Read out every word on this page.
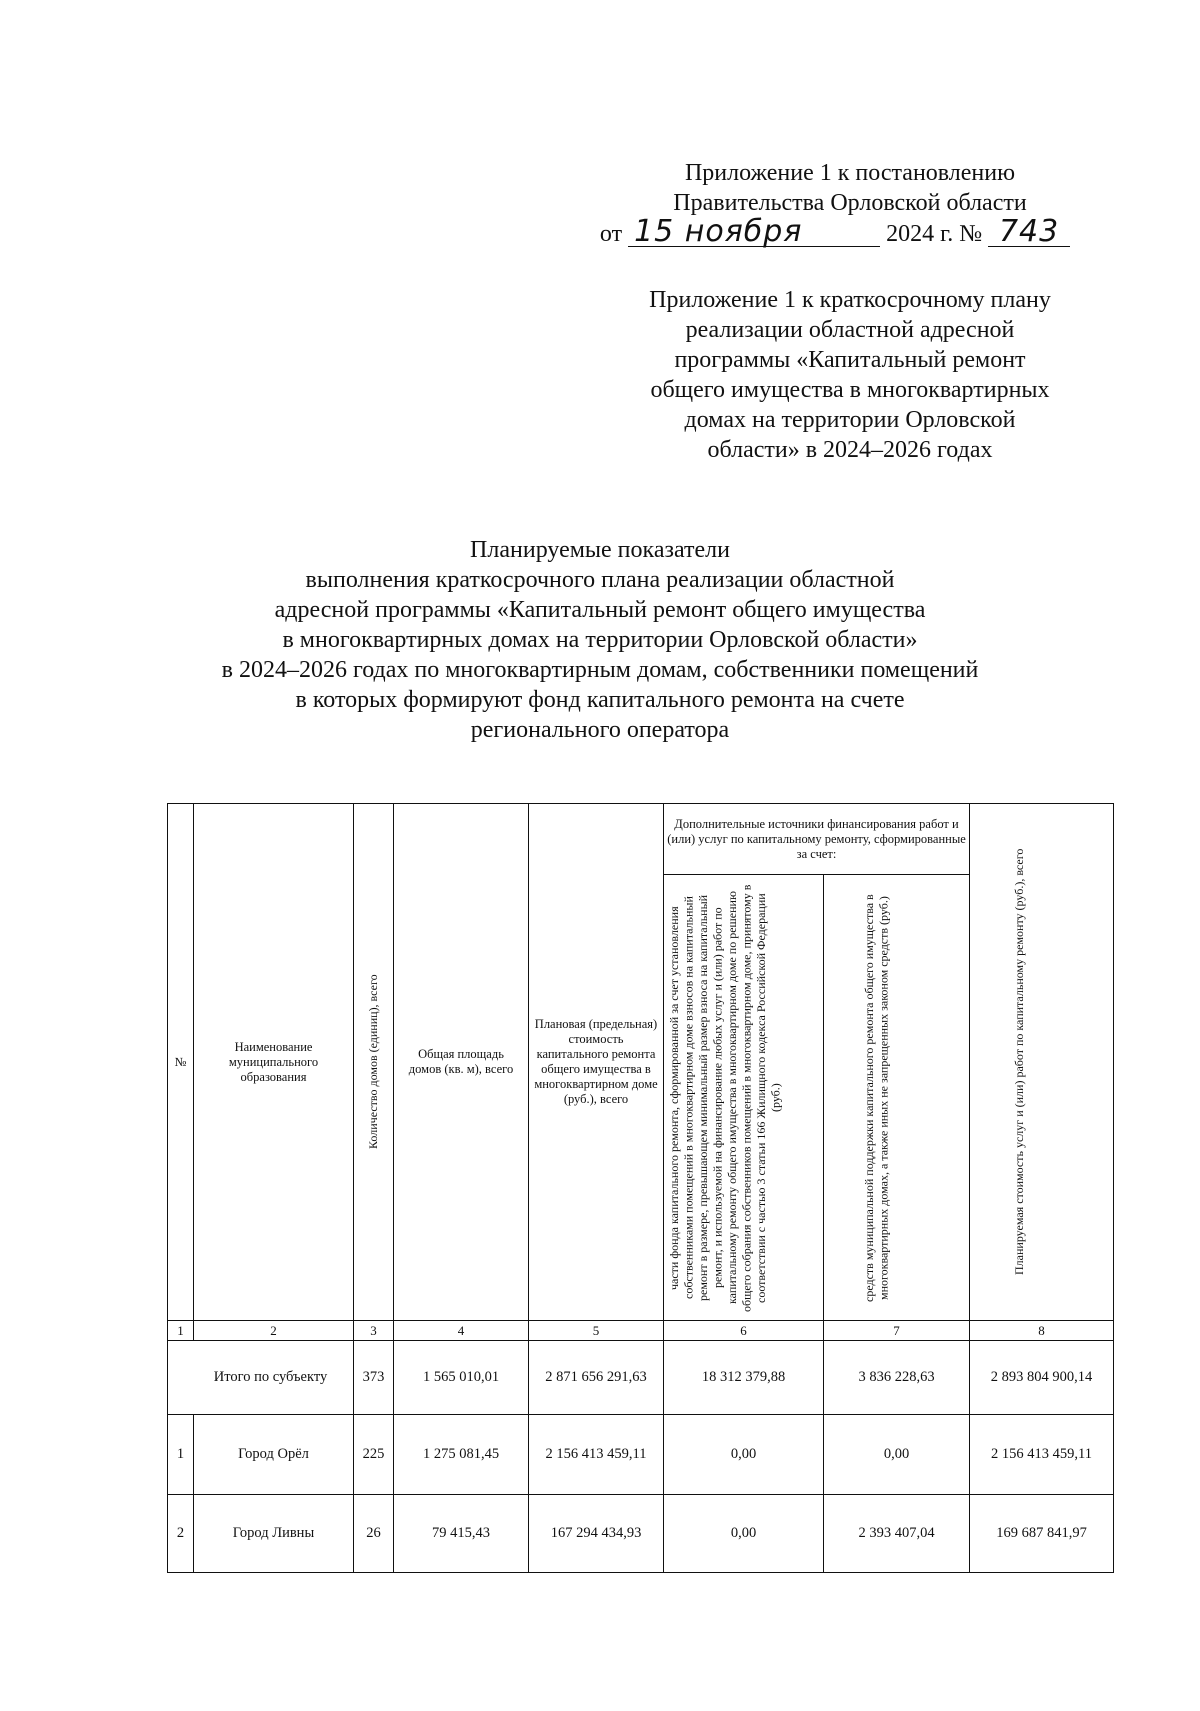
Приложение 1 к постановлению
Правительства Орловской области
от 15 ноября	2024 г. № 743
Приложение 1 к краткосрочному плану
реализации областной адресной
программы «Капитальный ремонт
общего имущества в многоквартирных
домах на территории Орловской
области» в 2024–2026 годах
Планируемые показатели
выполнения краткосрочного плана реализации областной
адресной программы «Капитальный ремонт общего имущества
в многоквартирных домах на территории Орловской области»
в 2024–2026 годах по многоквартирным домам, собственники помещений
в которых формируют фонд капитального ремонта на счете
регионального оператора
№	Наименование муниципального образования	Количество домов (единиц), всего	Общая площадь домов (кв. м), всего	Плановая (предельная) стоимость капитального ремонта общего имущества в многоквартирном доме (руб.), всего	Дополнительные источники финансирования работ и (или) услуг по капитальному ремонту, сформированные за счет:		Планируемая стоимость услуг и (или) работ по капитальному ремонту (руб.), всего

					части фонда капитального ремонта, сформированной за счет установления собственниками помещений в многоквартирном доме взносов на капитальный ремонт в размере, превышающем минимальный размер взноса на капитальный ремонт, и используемой на финансирование любых услуг и (или) работ по капитальному ремонту общего имущества в многоквартирном доме по решению общего собрания собственников помещений в многоквартирном доме, принятому в соответствии с частью 3 статьи 166 Жилищного кодекса Российской Федерации (руб.)	средств муниципальной поддержки капитального ремонта общего имущества в многоквартирных домах, а также иных не запрещенных законом средств (руб.)	

1	2	3	4	5	6	7	8
Итого по субъекту		373	1 565 010,01	2 871 656 291,63	18 312 379,88	3 836 228,63	2 893 804 900,14
1	Город Орёл	225	1 275 081,45	2 156 413 459,11	0,00	0,00	2 156 413 459,11
2	Город Ливны	26	79 415,43	167 294 434,93	0,00	2 393 407,04	169 687 841,97
